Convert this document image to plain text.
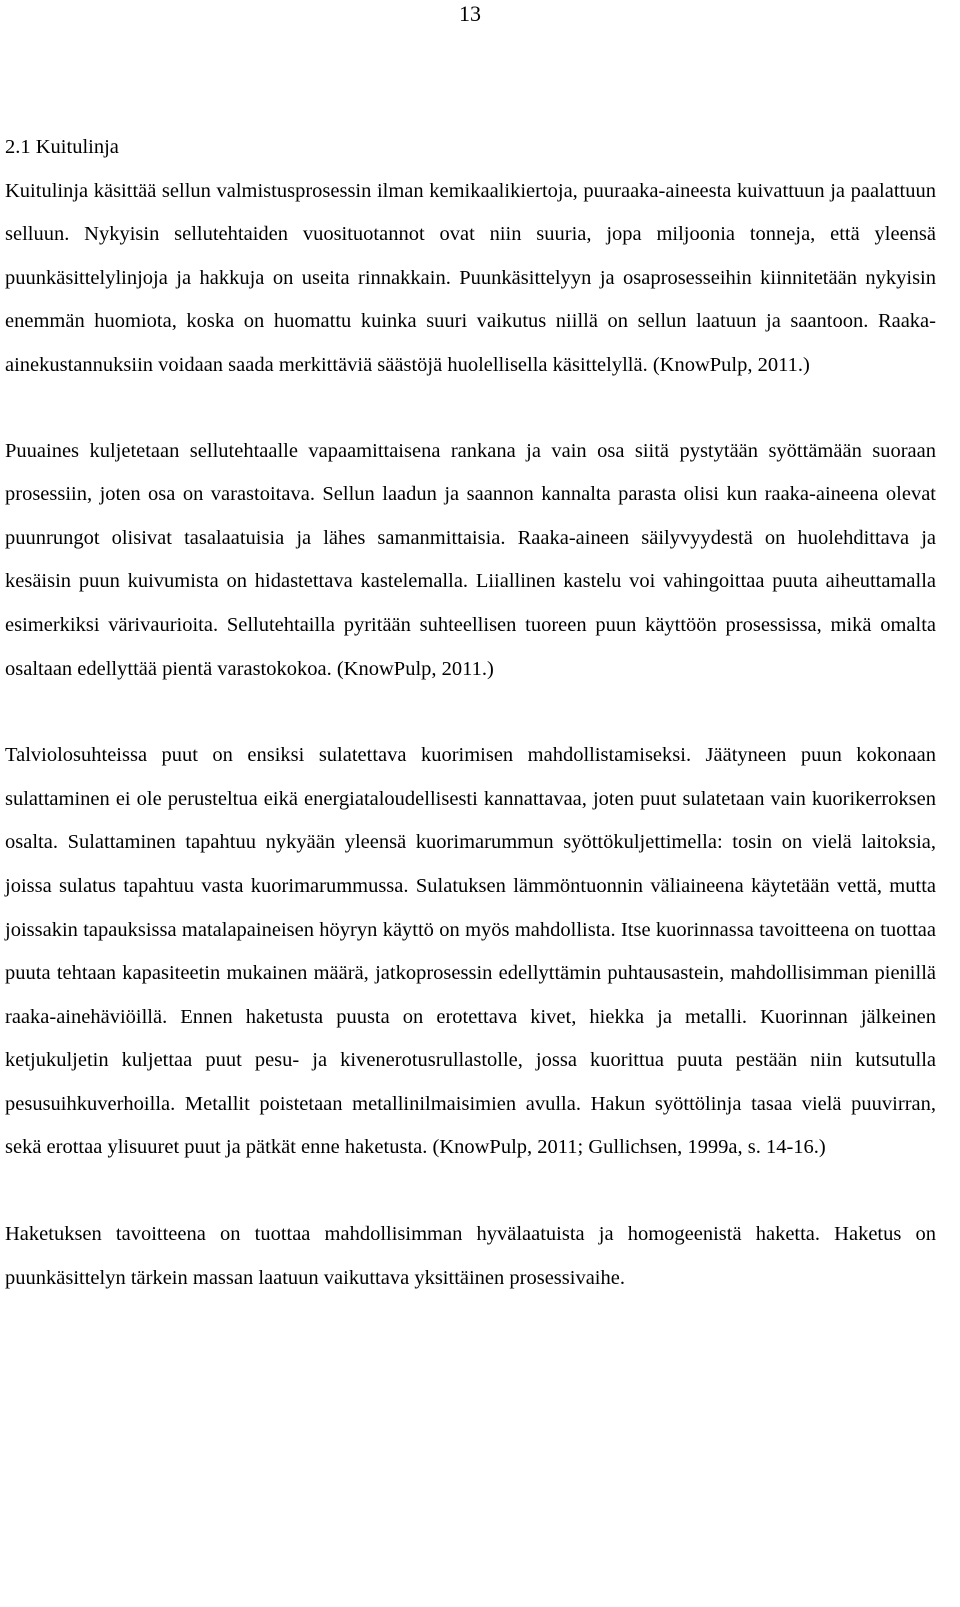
13
2.1 Kuitulinja

Kuitulinja käsittää sellun valmistusprosessin ilman kemikaalikiertoja, puuraaka-aineesta kuivattuun ja paalattuun selluun. Nykyisin sellutehtaiden vuosituotannot ovat niin suuria, jopa miljoonia tonneja, että yleensä puunkäsittelylinjoja ja hakkuja on useita rinnakkain. Puunkäsittelyyn ja osaprosesseihin kiinnitetään nykyisin enemmän huomiota, koska on huomattu kuinka suuri vaikutus niillä on sellun laatuun ja saantoon. Raaka-ainekustannuksiin voidaan saada merkittäviä säästöjä huolellisella käsittelyllä. (KnowPulp, 2011.)

Puuaines kuljetetaan sellutehtaalle vapaamittaisena rankana ja vain osa siitä pystytään syöttämään suoraan prosessiin, joten osa on varastoitava. Sellun laadun ja saannon kannalta parasta olisi kun raaka-aineena olevat puunrungot olisivat tasalaatuisia ja lähes samanmittaisia. Raaka-aineen säilyvyydestä on huolehdittava ja kesäisin puun kuivumista on hidastettava kastelemalla. Liiallinen kastelu voi vahingoittaa puuta aiheuttamalla esimerkiksi värivaurioita. Sellutehtailla pyritään suhteellisen tuoreen puun käyttöön prosessissa, mikä omalta osaltaan edellyttää pientä varastokokoa. (KnowPulp, 2011.)

Talviolosuhteissa puut on ensiksi sulatettava kuorimisen mahdollistamiseksi. Jäätyneen puun kokonaan sulattaminen ei ole perusteltua eikä energiataloudellisesti kannattavaa, joten puut sulatetaan vain kuorikerroksen osalta. Sulattaminen tapahtuu nykyään yleensä kuorimarummun syöttökuljettimella: tosin on vielä laitoksia, joissa sulatus tapahtuu vasta kuorimarummussa. Sulatuksen lämmöntuonnin väliaineena käytetään vettä, mutta joissakin tapauksissa matalapaineisen höyryn käyttö on myös mahdollista. Itse kuorinnassa tavoitteena on tuottaa puuta tehtaan kapasiteetin mukainen määrä, jatkoprosessin edellyttämin puhtausastein, mahdollisimman pienillä raaka-ainehäviöillä. Ennen haketusta puusta on erotettava kivet, hiekka ja metalli. Kuorinnan jälkeinen ketjukuljetin kuljettaa puut pesu- ja kivenerotusrullastolle, jossa kuorittua puuta pestään niin kutsutulla pesusuihkuverhoilla. Metallit poistetaan metallinilmaisimien avulla. Hakun syöttölinja tasaa vielä puuvirran, sekä erottaa ylisuuret puut ja pätkät enne haketusta. (KnowPulp, 2011; Gullichsen, 1999a, s. 14-16.)

Haketuksen tavoitteena on tuottaa mahdollisimman hyvälaatuista ja homogeenistä haketta. Haketus on puunkäsittelyn tärkein massan laatuun vaikuttava yksittäinen prosessivaihe.
